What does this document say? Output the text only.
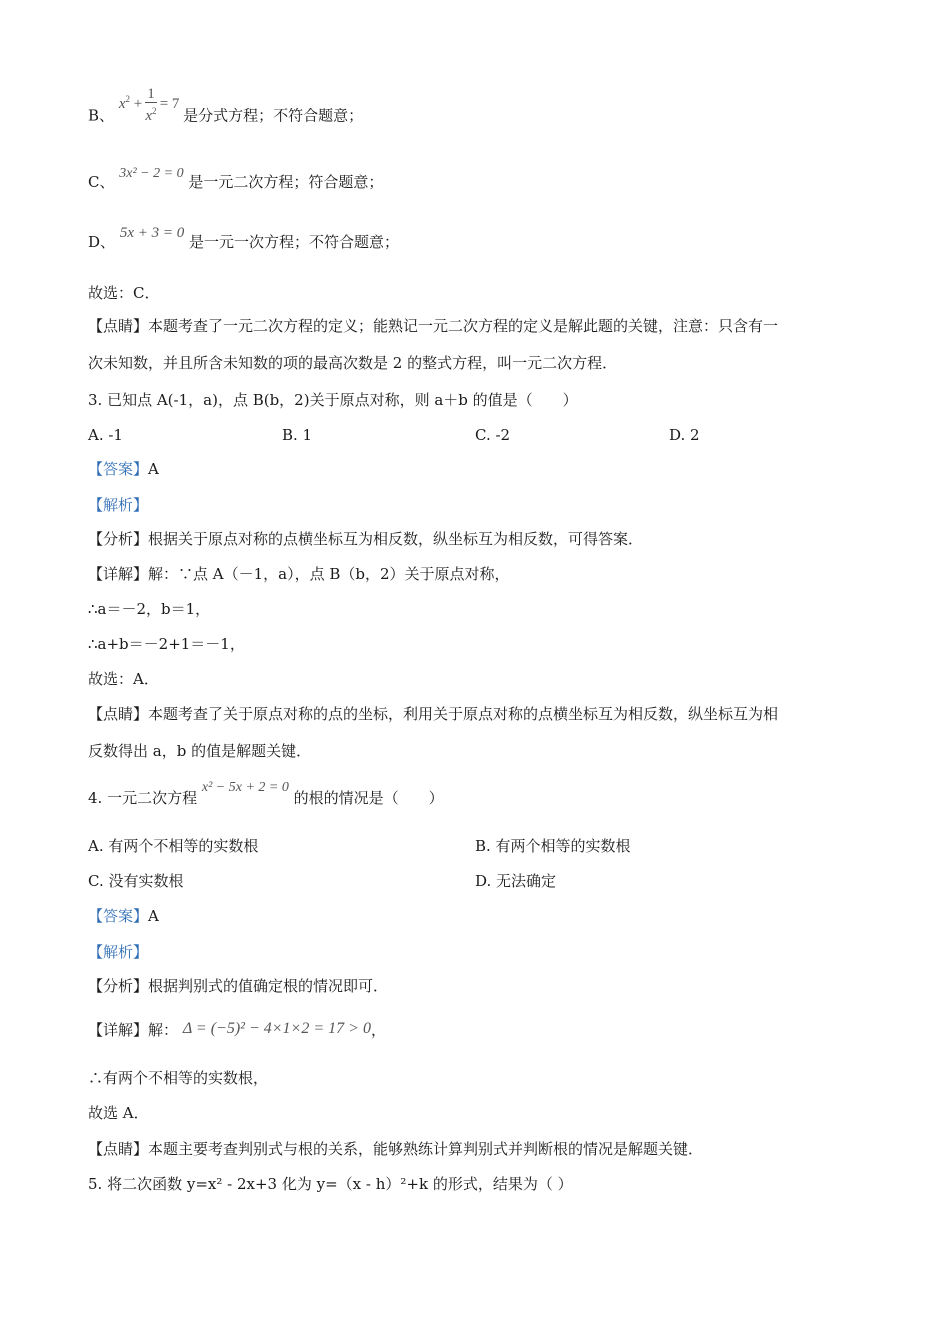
B、 $x^2 + \frac{1}{x^2} = 7$ 是分式方程；不符合题意；
C、 3x² − 2 = 0 是一元二次方程；符合题意；
D、 5x + 3 = 0 是一元一次方程；不符合题意；
故选：C．
【点睛】本题考查了一元二次方程的定义；能熟记一元二次方程的定义是解此题的关键，注意：只含有一
次未知数，并且所含未知数的项的最高次数是 2 的整式方程，叫一元二次方程．
3. 已知点 A(-1，a)，点 B(b，2)关于原点对称，则 a＋b 的值是（　　）
A. -1	B. 1	C. -2	D. 2
【答案】A
【解析】
【分析】根据关于原点对称的点横坐标互为相反数，纵坐标互为相反数，可得答案．
【详解】解：∵点 A（－1，a），点 B（b，2）关于原点对称，
∴a＝－2，b＝1，
∴a+b＝－2+1＝－1，
故选：A．
【点睛】本题考查了关于原点对称的点的坐标，利用关于原点对称的点横坐标互为相反数，纵坐标互为相
反数得出 a，b 的值是解题关键．
4. 一元二次方程 x² − 5x + 2 = 0 的根的情况是（　　）
A. 有两个不相等的实数根	B. 有两个相等的实数根
C. 没有实数根	D. 无法确定
【答案】A
【解析】
【分析】根据判别式的值确定根的情况即可．
【详解】解： Δ = (−5)² − 4×1×2 = 17 > 0，
∴有两个不相等的实数根，
故选 A．
【点睛】本题主要考查判别式与根的关系，能够熟练计算判别式并判断根的情况是解题关键．
5. 将二次函数 y=x² - 2x+3 化为 y=（x - h）²+k 的形式，结果为（ ）
